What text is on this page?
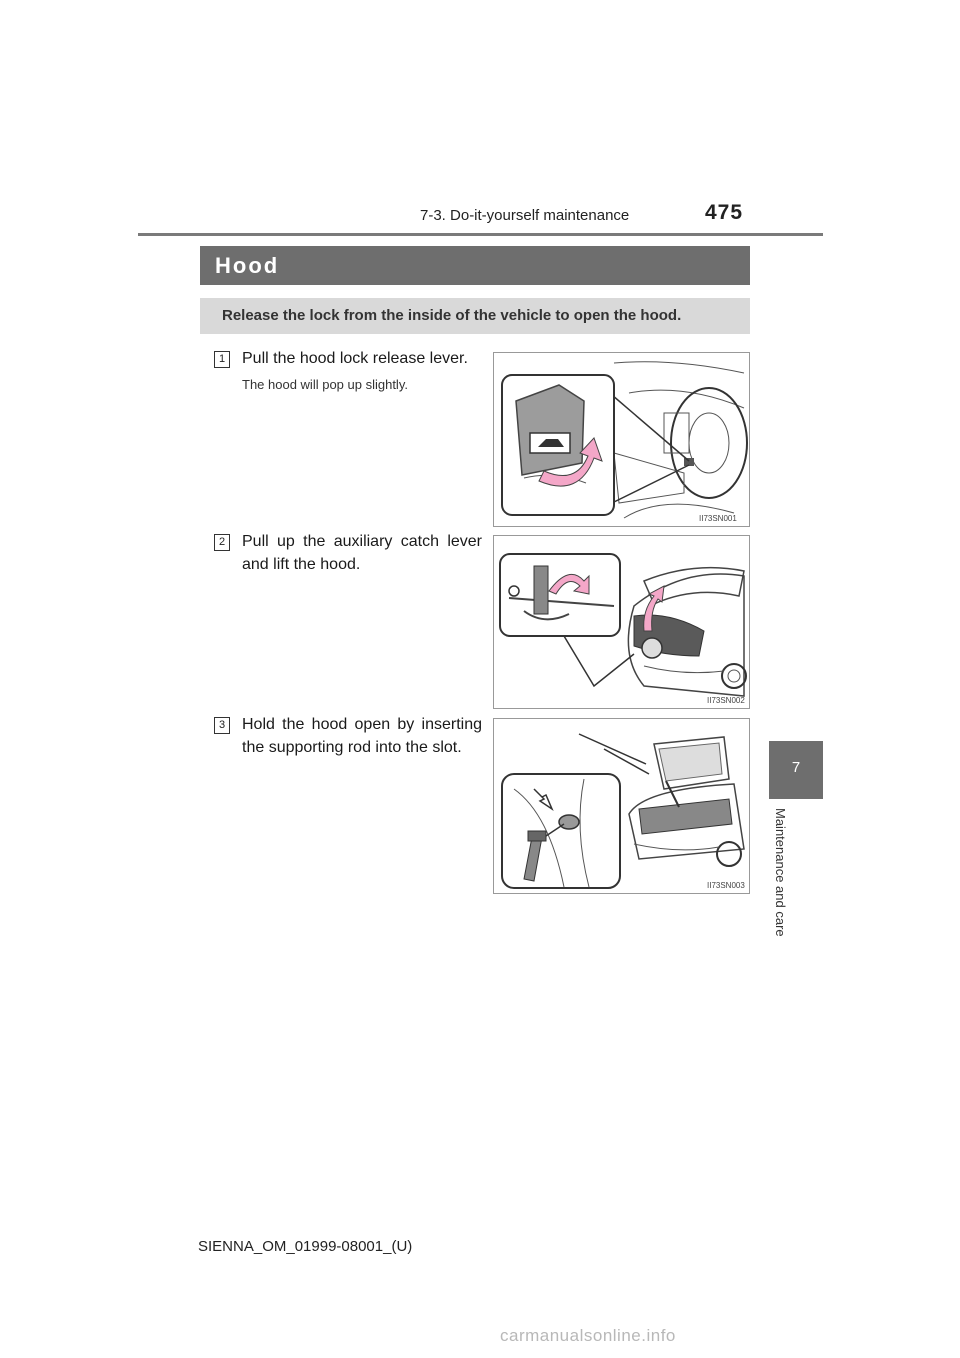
7-3. Do-it-yourself maintenance	475
Hood
Release the lock from the inside of the vehicle to open the hood.
1	Pull the hood lock release lever.
The hood will pop up slightly.
II73SN001
2	Pull up the auxiliary catch lever and lift the hood.
II73SN002
3	Hold the hood open by inserting the supporting rod into the slot.
II73SN003
7
Maintenance and care
SIENNA_OM_01999-08001_(U)
carmanualsonline.info
